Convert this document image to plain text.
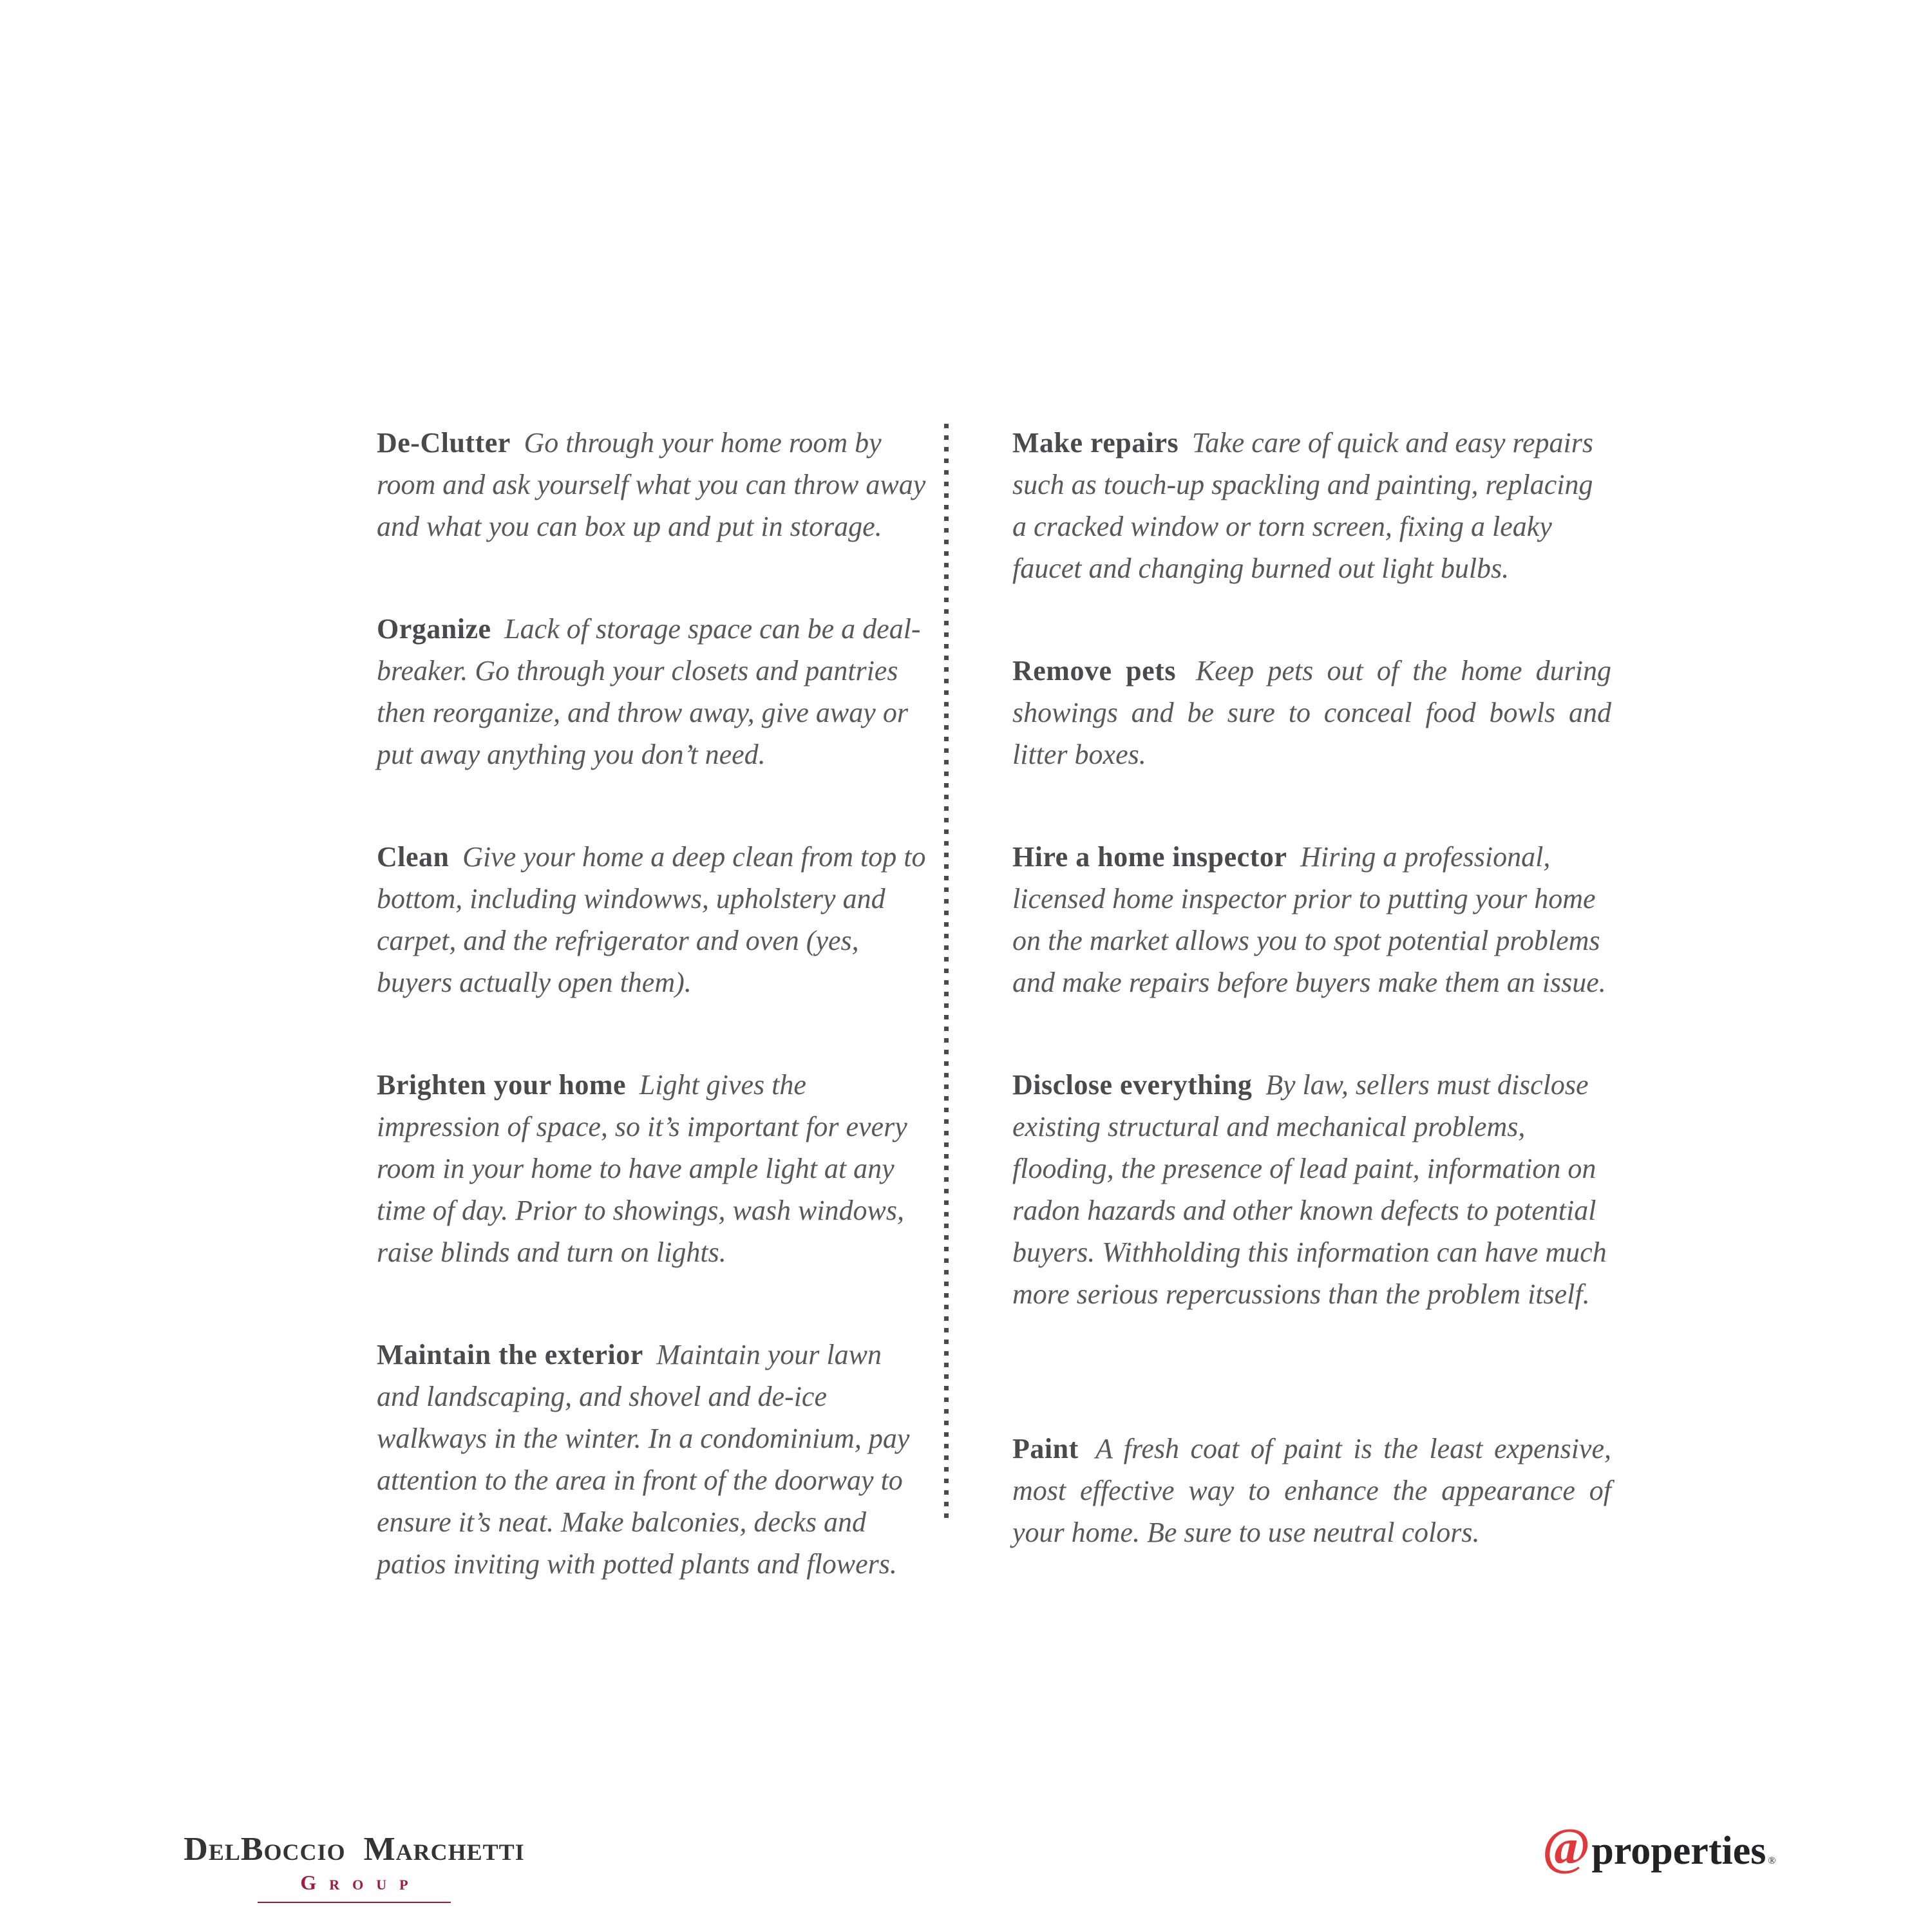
De-Clutter Go through your home room by room and ask yourself what you can throw away and what you can box up and put in storage.

Organize Lack of storage space can be a deal-breaker. Go through your closets and pantries then reorganize, and throw away, give away or put away anything you don’t need.

Clean Give your home a deep clean from top to bottom, including windowws, upholstery and carpet, and the refrigerator and oven (yes, buyers actually open them).

Brighten your home Light gives the impression of space, so it’s important for every room in your home to have ample light at any time of day. Prior to showings, wash windows, raise blinds and turn on lights.

Maintain the exterior Maintain your lawn and landscaping, and shovel and de-ice walkways in the winter. In a condominium, pay attention to the area in front of the doorway to ensure it’s neat. Make balconies, decks and patios inviting with potted plants and flowers.

Make repairs Take care of quick and easy repairs such as touch-up spackling and painting, replacing a cracked window or torn screen, fixing a leaky faucet and changing burned out light bulbs.

Remove pets Keep pets out of the home during showings and be sure to conceal food bowls and litter boxes.

Hire a home inspector Hiring a professional, licensed home inspector prior to putting your home on the market allows you to spot potential problems and make repairs before buyers make them an issue.

Disclose everything By law, sellers must disclose existing structural and mechanical problems, flooding, the presence of lead paint, information on radon hazards and other known defects to potential buyers. Withholding this information can have much more serious repercussions than the problem itself.

Paint A fresh coat of paint is the least expensive, most effective way to enhance the appearance of your home. Be sure to use neutral colors.

DelBoccio Marchetti
Group
@ properties ®
